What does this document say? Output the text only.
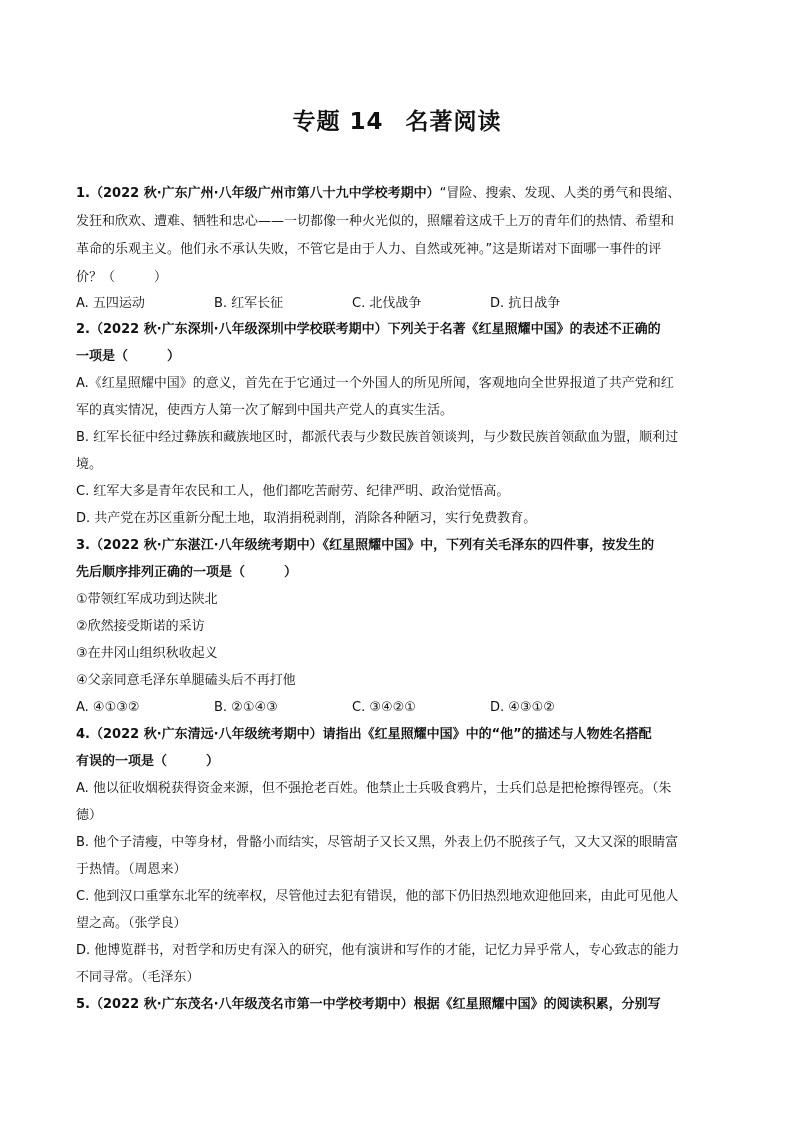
专题 14 名著阅读
1.（2022 秋·广东广州·八年级广州市第八十九中学校考期中）“冒险、搜索、发现、人类的勇气和畏缩、
发狂和欣欢、遭难、牺牲和忠心——一切都像一种火光似的，照耀着这成千上万的青年们的热情、希望和
革命的乐观主义。他们永不承认失败，不管它是由于人力、自然或死神。”这是斯诺对下面哪一事件的评
价？（　　　）
A. 五四运动	B. 红军长征	C. 北伐战争	D. 抗日战争
2.（2022 秋·广东深圳·八年级深圳中学校联考期中）下列关于名著《红星照耀中国》的表述不正确的
一项是（　　　）
A.《红星照耀中国》的意义，首先在于它通过一个外国人的所见所闻，客观地向全世界报道了共产党和红
军的真实情况，使西方人第一次了解到中国共产党人的真实生活。
B. 红军长征中经过彝族和藏族地区时，都派代表与少数民族首领谈判，与少数民族首领歃血为盟，顺利过
境。
C. 红军大多是青年农民和工人，他们都吃苦耐劳、纪律严明、政治觉悟高。
D. 共产党在苏区重新分配土地，取消捐税剥削，消除各种陋习，实行免费教育。
3.（2022 秋·广东湛江·八年级统考期中）《红星照耀中国》中，下列有关毛泽东的四件事，按发生的
先后顺序排列正确的一项是（　　　）
①带领红军成功到达陕北
②欣然接受斯诺的采访
③在井冈山组织秋收起义
④父亲同意毛泽东单腿磕头后不再打他
A. ④①③②	B. ②①④③	C. ③④②①	D. ④③①②
4.（2022 秋·广东清远·八年级统考期中）请指出《红星照耀中国》中的“他”的描述与人物姓名搭配
有误的一项是（　　　）
A. 他以征收烟税获得资金来源，但不强抢老百姓。他禁止士兵吸食鸦片，士兵们总是把枪擦得铿亮。（朱
德）
B. 他个子清瘦，中等身材，骨骼小而结实，尽管胡子又长又黑，外表上仍不脱孩子气，又大又深的眼睛富
于热情。（周恩来）
C. 他到汉口重掌东北军的统率权，尽管他过去犯有错误，他的部下仍旧热烈地欢迎他回来，由此可见他人
望之高。（张学良）
D. 他博览群书，对哲学和历史有深入的研究，他有演讲和写作的才能，记忆力异乎常人，专心致志的能力
不同寻常。（毛泽东）
5.（2022 秋·广东茂名·八年级茂名市第一中学校考期中）根据《红星照耀中国》的阅读积累，分别写
